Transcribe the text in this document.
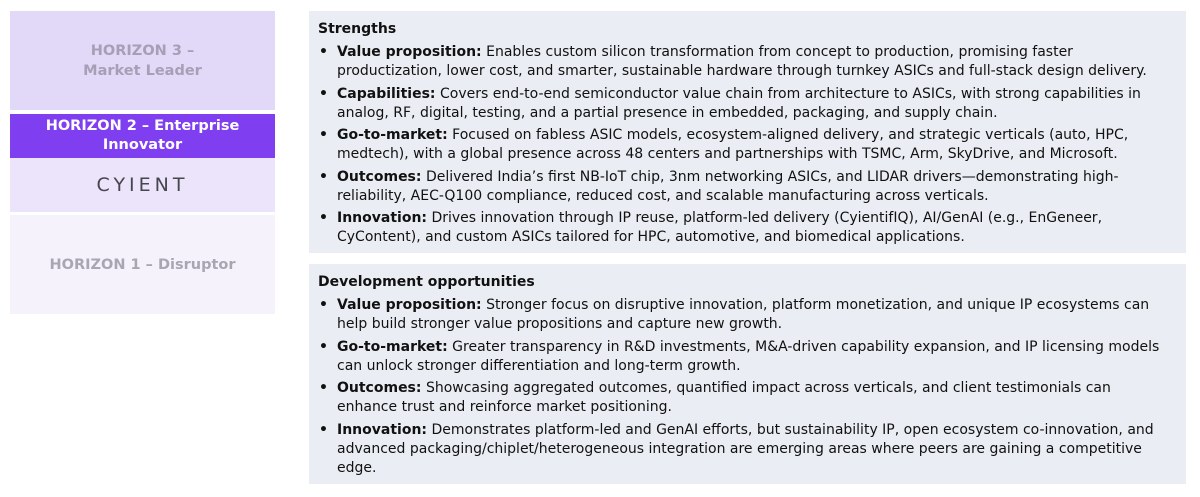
HORIZON 3 –
Market Leader
HORIZON 2 – Enterprise
Innovator
CYIENT
HORIZON 1 – Disruptor
Strengths
• Value proposition: Enables custom silicon transformation from concept to production, promising faster productization, lower cost, and smarter, sustainable hardware through turnkey ASICs and full-stack design delivery.
• Capabilities: Covers end-to-end semiconductor value chain from architecture to ASICs, with strong capabilities in analog, RF, digital, testing, and a partial presence in embedded, packaging, and supply chain.
• Go-to-market: Focused on fabless ASIC models, ecosystem-aligned delivery, and strategic verticals (auto, HPC, medtech), with a global presence across 48 centers and partnerships with TSMC, Arm, SkyDrive, and Microsoft.
• Outcomes: Delivered India’s first NB-IoT chip, 3nm networking ASICs, and LIDAR drivers—demonstrating high-reliability, AEC-Q100 compliance, reduced cost, and scalable manufacturing across verticals.
• Innovation: Drives innovation through IP reuse, platform-led delivery (CyientifIQ), AI/GenAI (e.g., EnGeneer, CyContent), and custom ASICs tailored for HPC, automotive, and biomedical applications.
Development opportunities
• Value proposition: Stronger focus on disruptive innovation, platform monetization, and unique IP ecosystems can help build stronger value propositions and capture new growth.
• Go-to-market: Greater transparency in R&D investments, M&A-driven capability expansion, and IP licensing models can unlock stronger differentiation and long-term growth.
• Outcomes: Showcasing aggregated outcomes, quantified impact across verticals, and client testimonials can enhance trust and reinforce market positioning.
• Innovation: Demonstrates platform-led and GenAI efforts, but sustainability IP, open ecosystem co-innovation, and advanced packaging/chiplet/heterogeneous integration are emerging areas where peers are gaining a competitive edge.
